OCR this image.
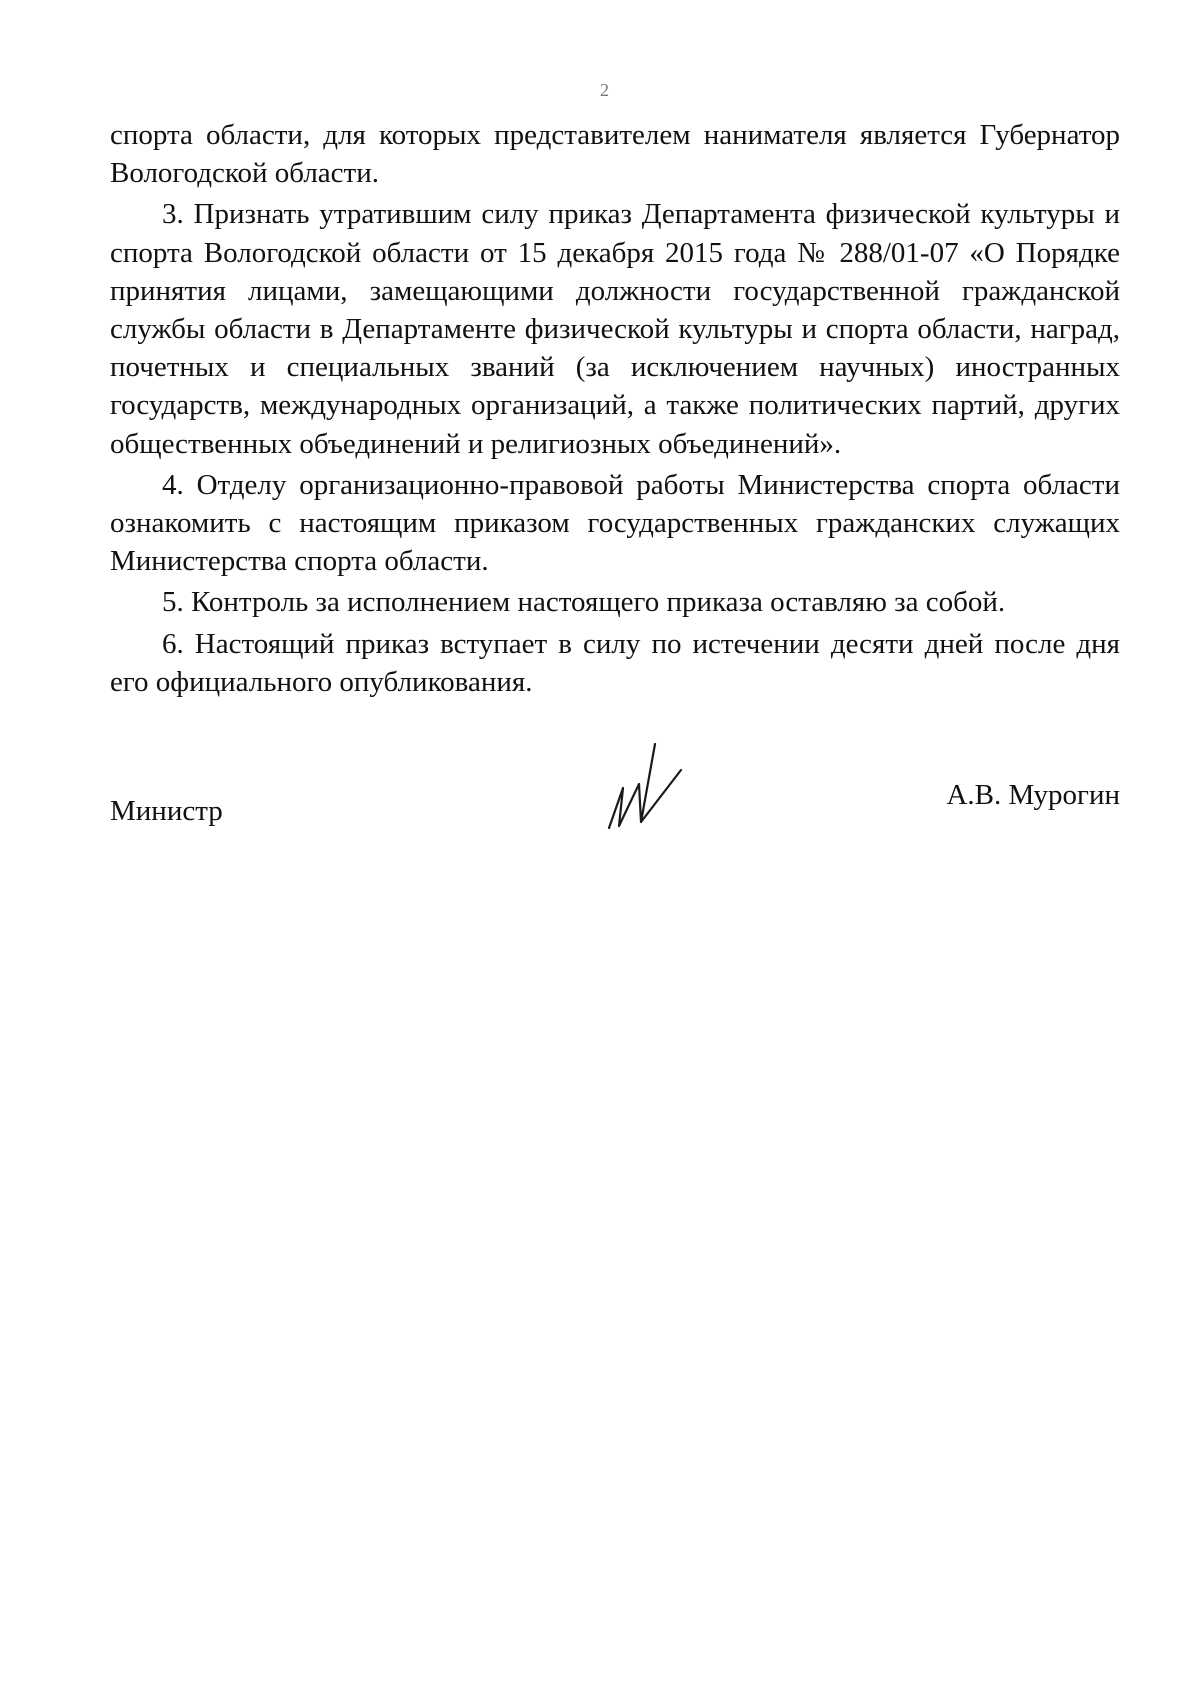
2

спорта области, для которых представителем нанимателя является Губернатор Вологодской области.

3. Признать утратившим силу приказ Департамента физической культуры и спорта Вологодской области от 15 декабря 2015 года № 288/01-07 «О Порядке принятия лицами, замещающими должности государственной гражданской службы области в Департаменте физической культуры и спорта области, наград, почетных и специальных званий (за исключением научных) иностранных государств, международных организаций, а также политических партий, других общественных объединений и религиозных объединений».

4. Отделу организационно-правовой работы Министерства спорта области ознакомить с настоящим приказом государственных гражданских служащих Министерства спорта области.

5. Контроль за исполнением настоящего приказа оставляю за собой.

6. Настоящий приказ вступает в силу по истечении десяти дней после дня его официального опубликования.

Министр	А.В. Мурогин
